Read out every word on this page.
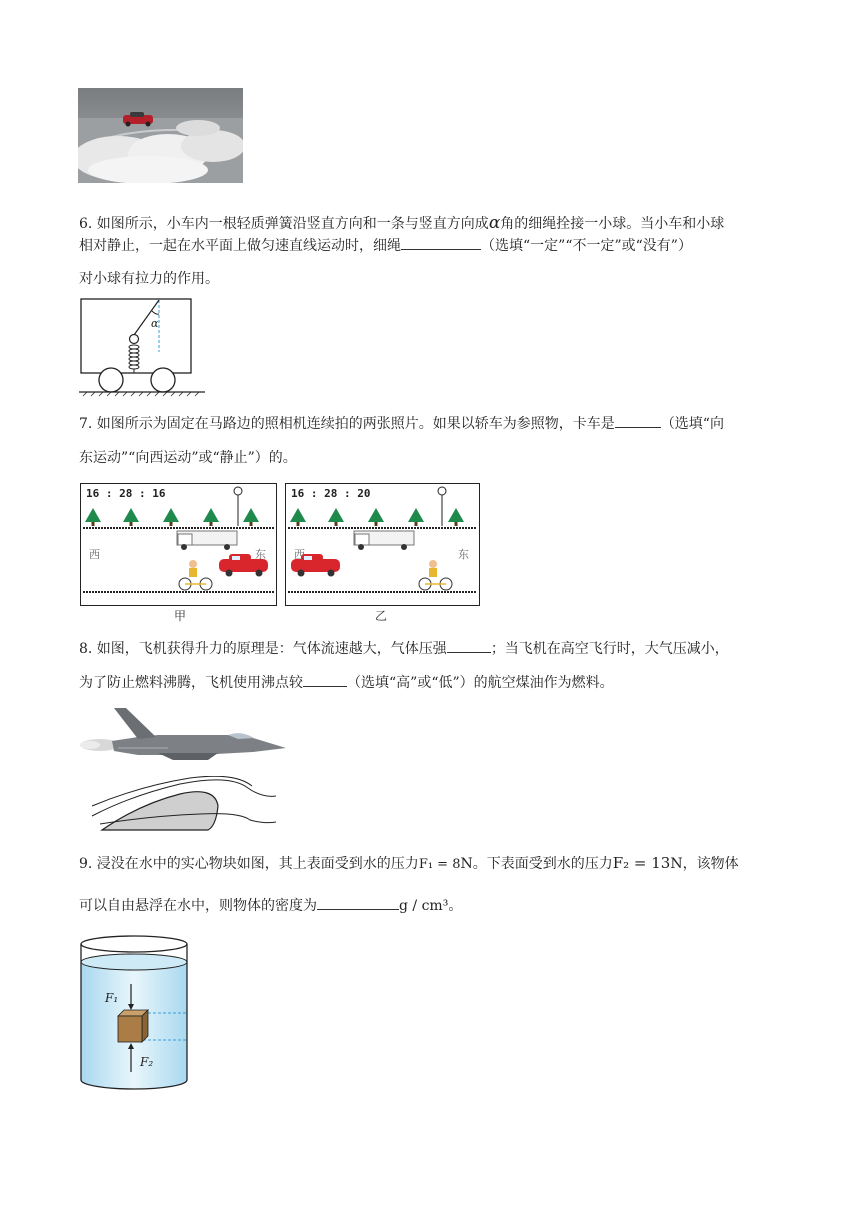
6. 如图所示，小车内一根轻质弹簧沿竖直方向和一条与竖直方向成α角的细绳拴接一小球。当小车和小球
相对静止，一起在水平面上做匀速直线运动时，细绳	（选填“一定”“不一定”或“没有”）
对小球有拉力的作用。
α
7. 如图所示为固定在马路边的照相机连续拍的两张照片。如果以轿车为参照物，卡车是	（选填“向
东运动”“向西运动”或“静止”）的。
16 : 28 : 16
西	东
甲
16 : 28 : 20
西	东
乙
8. 如图，飞机获得升力的原理是：气体流速越大，气体压强	；当飞机在高空飞行时，大气压减小，
为了防止燃料沸腾，飞机使用沸点较	（选填“高”或“低”）的航空煤油作为燃料。
9. 浸没在水中的实心物块如图，其上表面受到水的压力F₁ = 8N。下表面受到水的压力F₂ = 13N，该物体
可以自由悬浮在水中，则物体的密度为	g / cm³。
F₁
F₂
